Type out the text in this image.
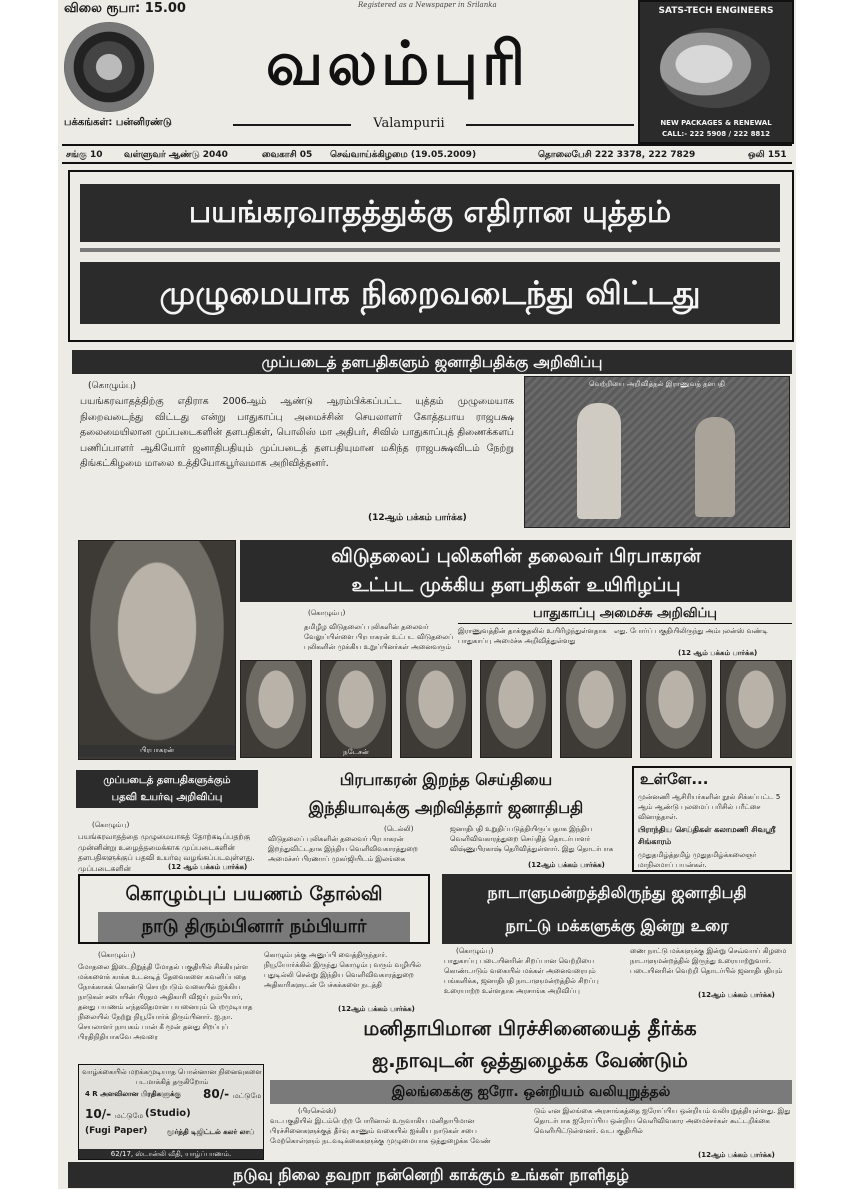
விலை ரூபா: 15.00	Registered as a Newspaper in Srilanka
வலம்புரி
பக்கங்கள்: பன்னிரண்டு	Valampurii
SATS-TECH ENGINEERS
NEW PACKAGES & RENEWAL
CALL:- 222 5908 / 222 8812
சங்கு 10	வள்ளுவர் ஆண்டு 2040	வைகாசி 05	செவ்வாய்க்கிழமை (19.05.2009)	தொலைபேசி 222 3378, 222 7829	ஒலி 151
பயங்கரவாதத்துக்கு எதிரான யுத்தம்
முழுமையாக நிறைவடைந்து விட்டது
முப்படைத் தளபதிகளும் ஜனாதிபதிக்கு அறிவிப்பு
(கொழும்பு)
பயங்கரவாதத்திற்கு எதிராக 2006ஆம் ஆண்டு ஆரம்பிக்கப்பட்ட யுத்தம் முழுமையாக நிறைவடைந்து விட்டது என்று பாதுகாப்பு அமைச்சின் செயலாளர் கோத்தபாய ராஜபக்ஷ தலைமையிலான முப்படைகளின் தளபதிகள், பொலிஸ் மா அதிபர், சிவில் பாதுகாப்புத் திணைக்களப் பணிப்பாளர் ஆகியோர் ஜனாதிபதியும் முப்படைத் தளபதியுமான மகிந்த ராஜபக்ஷவிடம் நேற்று திங்கட்கிழமை மாலை உத்தியோகபூர்வமாக அறிவித்தனர்.
(12ஆம் பக்கம் பார்க்க)
வெற்றியை அறிவித்தல் இராணுவத் தளபதி
பிரபாகரன்
விடுதலைப் புலிகளின் தலைவர் பிரபாகரன்
உட்பட முக்கிய தளபதிகள் உயிரிழப்பு
(கொழும்பு)	பாதுகாப்பு அமைச்சு அறிவிப்பு
தமிழீழ விடுதலைப் புலிகளின் தலைவர் வேலுப்பிள்ளை பிரபாகரன் உட்பட விடுதலைப் புலிகளின் முக்கிய உறுப்பினர்கள் அனைவரும்
இராணுவத்தின் தாக்குதலில் உயிரிழந்துள்ளதாக பாதுகாப்பு அமைச்சு அறிவித்துள்ளது
எது. போர்ப் பகுதியிலிருந்து அம்புலன்ஸ் வண்டி
(12 ஆம் பக்கம் பார்க்க)
நடேசன்
முப்படைத் தளபதிகளுக்கும்
பதவி உயர்வு அறிவிப்பு
(கொழும்பு)
பயங்கரவாதத்தை முழுமையாகத் தோற்கடிப்பதற்கு முன்னின்று உழைத்தமைக்காக முப்படைகளின் தளபதிகளுக்குப் பதவி உயர்வு வழங்கப்படவுள்ளது. முப்படைகளின்	(12 ஆம் பக்கம் பார்க்க)
பிரபாகரன் இறந்த செய்தியை
இந்தியாவுக்கு அறிவித்தார் ஜனாதிபதி
(டெல்லி)
விடுதலைப் புலிகளின் தலைவர் பிரபாகரன் இறந்துவிட்டதாக இந்திய வெளிவிவகாரத்துறை அமைச்சர் பிரணாப் முகர்ஜியிடம் இலங்கை
ஜனாதிபதி உறுதிப்படுத்தியிருப்பதாக இந்திய வெளிவிவகாரத்துறை செய்தித் தொடர்பாளர் விஷ்ணுபிரகாஷ் தெரிவித்துள்ளார். இது தொடர்பாக
(12ஆம் பக்கம் பார்க்க)
உள்ளே...
முன்னணி ஆசிரியர்களின் நூல் சிக்கப்பட்ட 5 ஆம் ஆண்டு புலமைப் பரிசில் பரீட்சை வினாத்தாள்.
பிராந்திய செய்திகள் கலாமணி சிவஸ்ரீ சிங்காரம்
முதுதமிழ்த்தமிழ் முதுதமிழ்க்கலைஞர் மாநிலமாப் பயன்கள்.
கொழும்புப் பயணம் தோல்வி
நாடு திரும்பினார் நம்பியார்
(கொழும்பு)
மோதலை இடைநிறுத்தி மோதல் பகுதியில் சிக்கியுள்ள மக்களைக் காக்க உடனடித் தேவைகளை கவனிப்பதை நோக்காகக் கொண்டு செயற்படும் வகையில் ஐக்கிய நாடுகள் சபையின் பிரதம அதிகாரி விஜய் நம்பியார், தனது பயணம் எந்தவிதமான பயனையும் பெறமுடியாத நிலையில் நேற்று நியூயோர்க் திரும்பினார். ஐ.நா. செயலாளர் நாயகம் பான் கீ மூன் தனது சிறப்புப் பிரதிநிதியாகவே அவரை
கொழும்புக்கு அனுப்பி வைத்திருந்தார். நியூயோர்க்கில் இருந்து கொழும்பு வரும் வழியில் புதுடில்லி சென்று இந்திய வெளிவிவகாரத்துறை அதிகாரிகளுடன் பேச்சுக்களை நடத்தி
(12ஆம் பக்கம் பார்க்க)
நாடாளுமன்றத்திலிருந்து ஜனாதிபதி
நாட்டு மக்களுக்கு இன்று உரை
(கொழும்பு)
பாதுகாப்பு படையினரின் சிறப்பான வெற்றியை கொண்டாடும் வகையில் மக்கள் அனைவரையும் பங்களிக்க, ஜனாதிபதி நாடாளுமன்றத்தில் சிறப்பு உரையாற்ற உள்ளதாக அரசாங்க அறிவிப்பு
ணை நாட்டு மக்களுக்கு இன்று செவ்வாய் கிழமை நாடாளுமன்றத்தில் இருந்து உரையாற்றுவார். படையினரின் வெற்றி தொடர்பில் ஜனாதிபதியும்
(12ஆம் பக்கம் பார்க்க)
மனிதாபிமான பிரச்சினையைத் தீர்க்க
ஐ.நாவுடன் ஒத்துழைக்க வேண்டும்
வாழ்க்கையில் மறக்கமுடியாத பொன்னான நினைவுகளை
படமாக்கித் தருகிறோம்
4 R அளவிலான பிரதிகளுக்கு	80/- மட்டுமே
10/- மட்டுமே (Studio)
(Fugi Paper)	மூர்த்தி டிஜிட்டல் கலர் லாப்
62/17, ஸ்டான்லி வீதி, யாழ்ப்பாணம்.
இலங்கைக்கு ஐரோ. ஒன்றியம் வலியுறுத்தல்
(பிரசெல்ஸ்)
வடபகுதியில் இடம்பெற்ற போரினால் உருவாகிய மனிதாபிமான பிரச்சினைகளுக்குத் தீர்வு காணும் வகையில் ஐக்கிய நாடுகள் சபை மேற்கொள்ளும் நடவடிக்கைகளுக்கு முழுமையாக ஒத்துழைக்க வேண்
டும் என இலங்கை அரசாங்கத்தை ஐரோப்பிய ஒன்றியம் வலியுறுத்தியுள்ளது. இது தொடர்பாக ஐரோப்பிய ஒன்றிய வெளிவிவகார அமைச்சர்கள் கூட்டறிக்கை வெளியிட்டுள்ளனர். வடபகுதியில்
(12ஆம் பக்கம் பார்க்க)
நடுவு நிலை தவறா நன்னெறி காக்கும் உங்கள் நாளிதழ்
